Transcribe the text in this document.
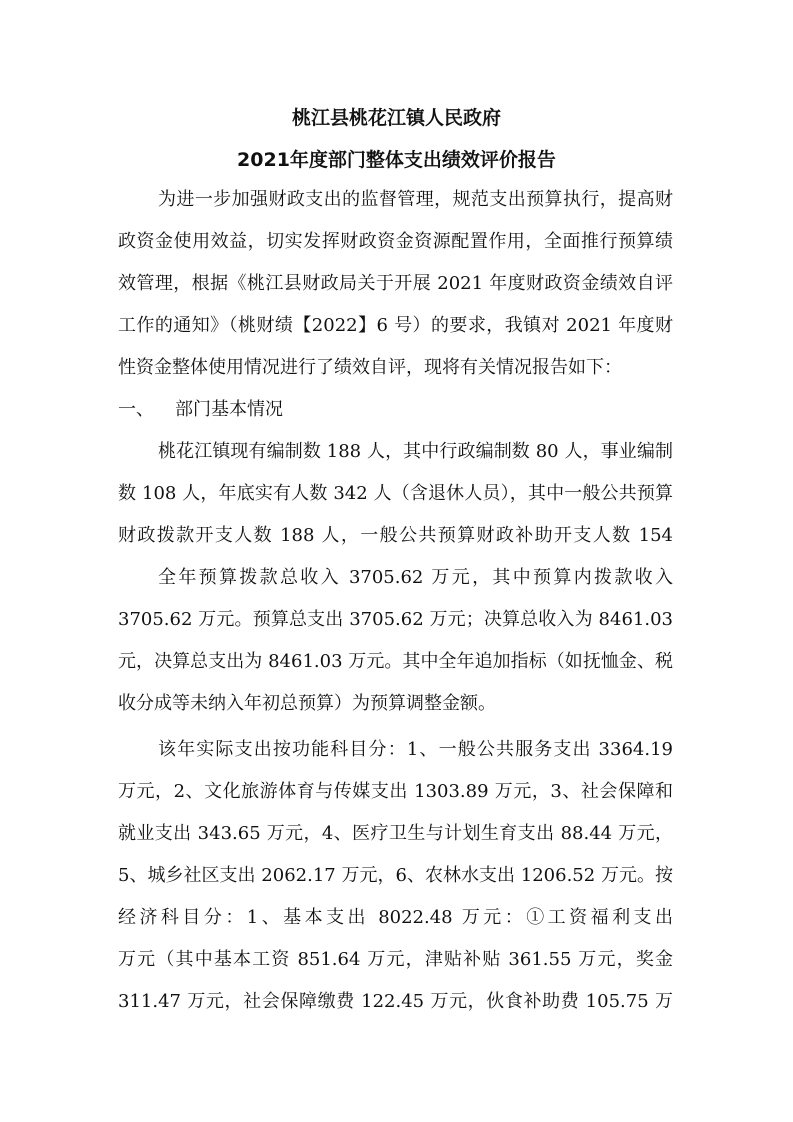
桃江县桃花江镇人民政府
2021年度部门整体支出绩效评价报告
为进一步加强财政支出的监督管理，规范支出预算执行，提高财
政资金使用效益，切实发挥财政资金资源配置作用，全面推行预算绩
效管理，根据《桃江县财政局关于开展 2021 年度财政资金绩效自评
工作的通知》（桃财绩【2022】6 号）的要求，我镇对 2021 年度财
性资金整体使用情况进行了绩效自评，现将有关情况报告如下：
一、 部门基本情况
桃花江镇现有编制数 188 人，其中行政编制数 80 人，事业编制
数 108 人，年底实有人数 342 人（含退休人员），其中一般公共预算
财政拨款开支人数 188 人，一般公共预算财政补助开支人数 154
全年预算拨款总收入 3705.62 万元，其中预算内拨款收入
3705.62 万元。预算总支出 3705.62 万元；决算总收入为 8461.03
元，决算总支出为 8461.03 万元。其中全年追加指标（如抚恤金、税
收分成等未纳入年初总预算）为预算调整金额。
该年实际支出按功能科目分：1、一般公共服务支出 3364.19
万元，2、文化旅游体育与传媒支出 1303.89 万元，3、社会保障和
就业支出 343.65 万元，4、医疗卫生与计划生育支出 88.44 万元，
5、城乡社区支出 2062.17 万元，6、农林水支出 1206.52 万元。按
经济科目分：1、基本支出 8022.48 万元：①工资福利支出
万元（其中基本工资 851.64 万元，津贴补贴 361.55 万元，奖金
311.47 万元，社会保障缴费 122.45 万元，伙食补助费 105.75 万
